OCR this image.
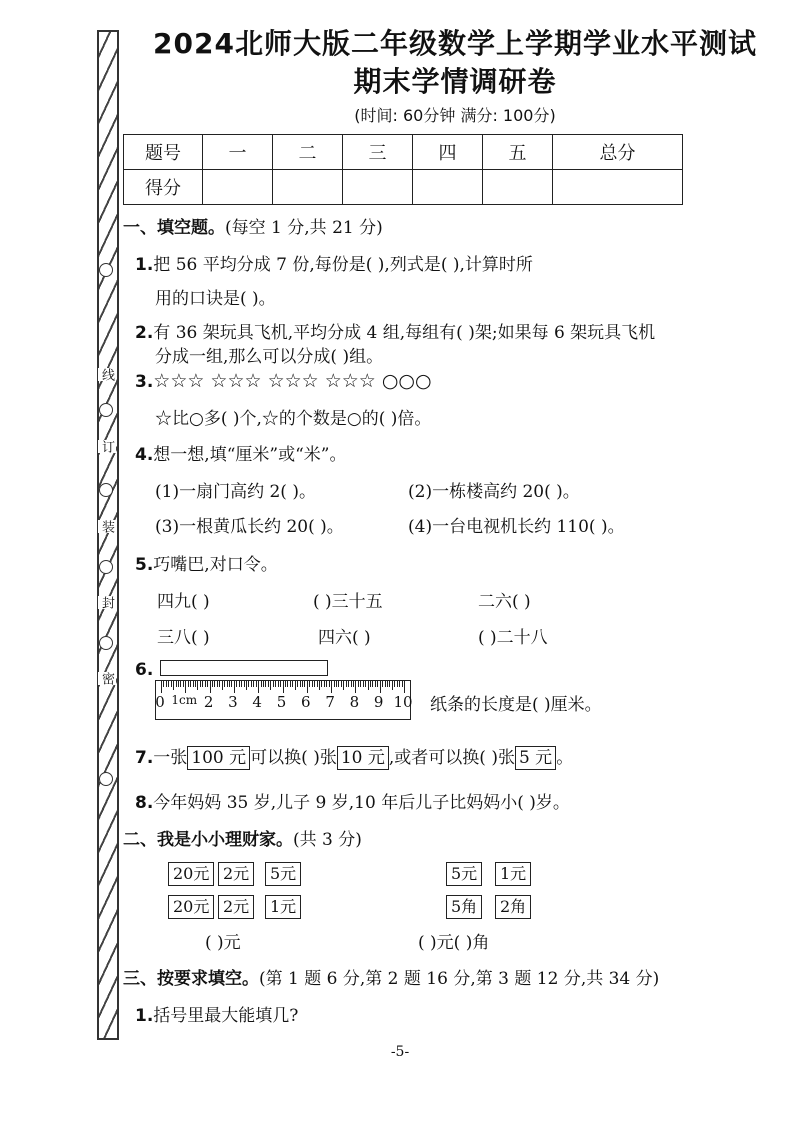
线
订
装
封
密
2024北师大版二年级数学上学期学业水平测试
期末学情调研卷
(时间: 60分钟 满分: 100分)
题号	一	二	三	四	五	总分
得分						
一、填空题。(每空 1 分,共 21 分)
1.把 56 平均分成 7 份,每份是( ),列式是( ),计算时所
用的口诀是( )。
2.有 36 架玩具飞机,平均分成 4 组,每组有( )架;如果每 6 架玩具飞机
分成一组,那么可以分成( )组。
3.☆☆☆ ☆☆☆ ☆☆☆ ☆☆☆ ○○○
☆比○多( )个,☆的个数是○的( )倍。
4.想一想,填“厘米”或“米”。
(1)一扇门高约 2( )。	(2)一栋楼高约 20( )。
(3)一根黄瓜长约 20( )。	(4)一台电视机长约 110( )。
5.巧嘴巴,对口令。
四九( )	( )三十五	二六( )
三八( )	四六( )	( )二十八
6.
0 1cm 2 3 4 5 6 7 8 9 10 纸条的长度是( )厘米。
7.一张 100 元 可以换( )张 10 元 ,或者可以换( )张 5 元 。
8.今年妈妈 35 岁,儿子 9 岁,10 年后儿子比妈妈小( )岁。
二、我是小小理财家。(共 3 分)
20元 2元	5元
20元 2元	1元
( )元
5元	1元
5角	2角
( )元( )角
三、按要求填空。(第 1 题 6 分,第 2 题 16 分,第 3 题 12 分,共 34 分)
1.括号里最大能填几?
-5-
